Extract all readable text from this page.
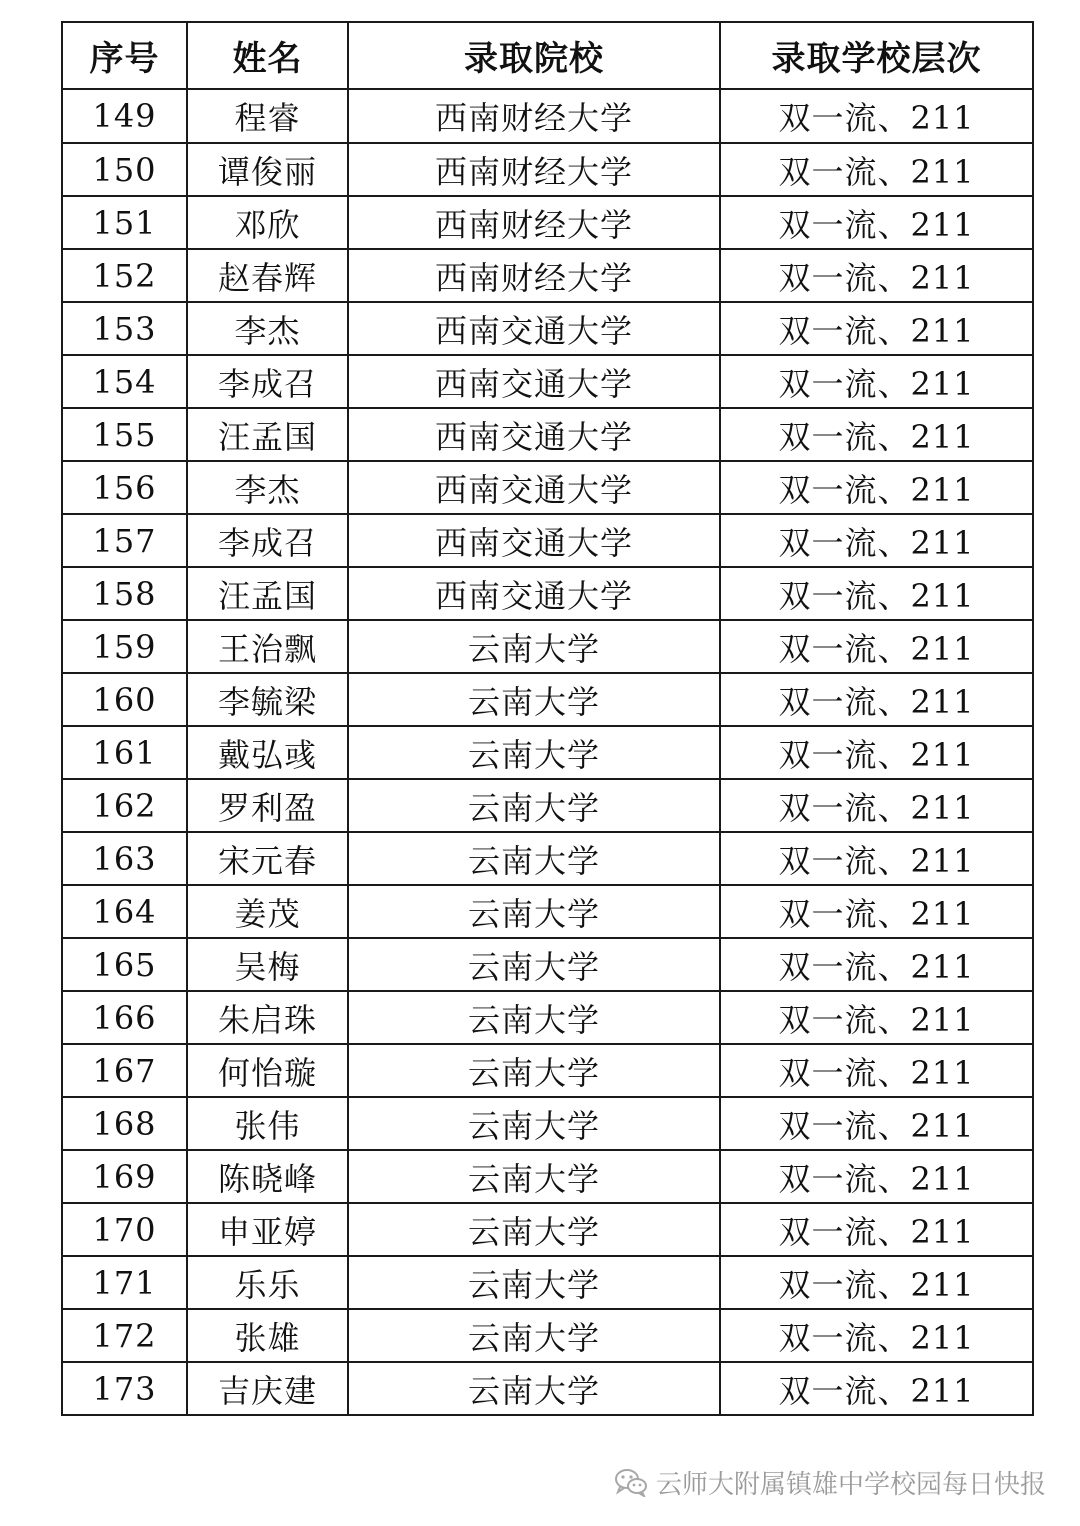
序号	姓名	录取院校	录取学校层次
149	程睿	西南财经大学	双一流、211
150	谭俊丽	西南财经大学	双一流、211
151	邓欣	西南财经大学	双一流、211
152	赵春辉	西南财经大学	双一流、211
153	李杰	西南交通大学	双一流、211
154	李成召	西南交通大学	双一流、211
155	汪孟国	西南交通大学	双一流、211
156	李杰	西南交通大学	双一流、211
157	李成召	西南交通大学	双一流、211
158	汪孟国	西南交通大学	双一流、211
159	王治飘	云南大学	双一流、211
160	李毓梁	云南大学	双一流、211
161	戴弘彧	云南大学	双一流、211
162	罗利盈	云南大学	双一流、211
163	宋元春	云南大学	双一流、211
164	姜茂	云南大学	双一流、211
165	吴梅	云南大学	双一流、211
166	朱启珠	云南大学	双一流、211
167	何怡璇	云南大学	双一流、211
168	张伟	云南大学	双一流、211
169	陈晓峰	云南大学	双一流、211
170	申亚婷	云南大学	双一流、211
171	乐乐	云南大学	双一流、211
172	张雄	云南大学	双一流、211
173	吉庆建	云南大学	双一流、211
云师大附属镇雄中学校园每日快报
